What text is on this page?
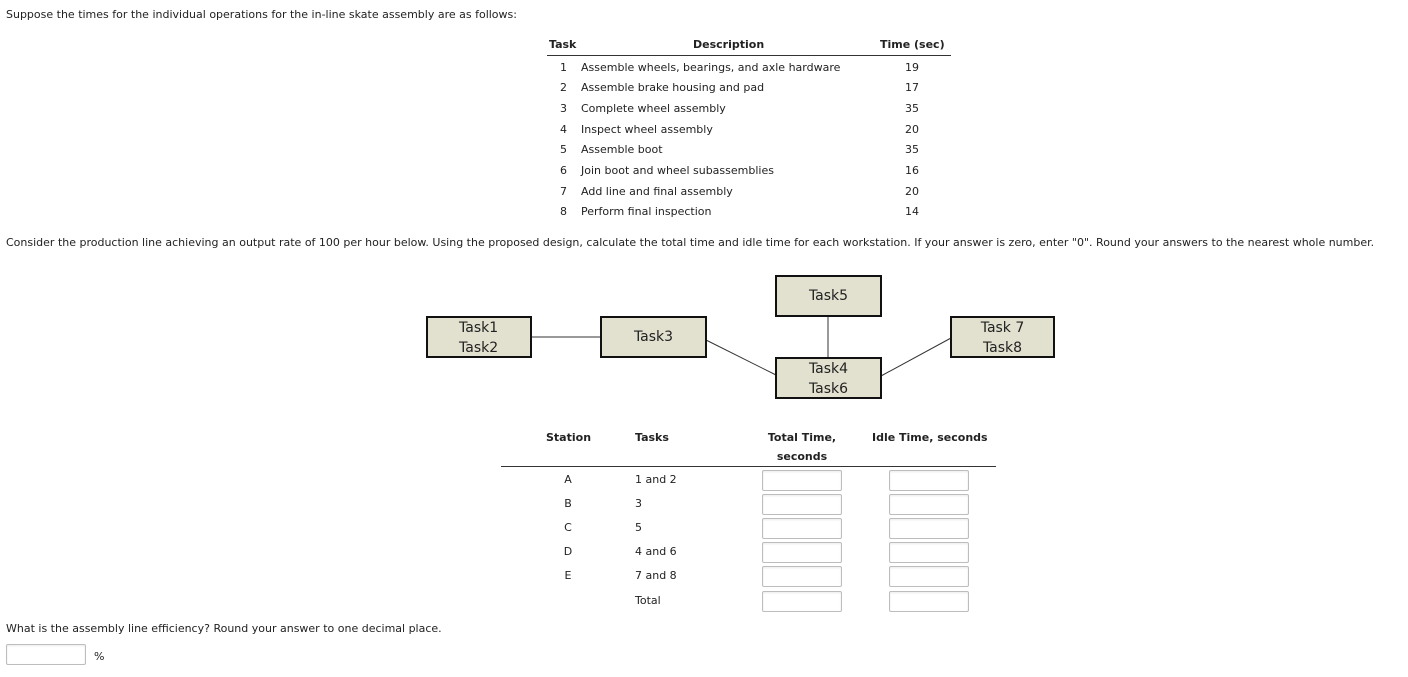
Suppose the times for the individual operations for the in-line skate assembly are as follows:
Task	Description	Time (sec)
1 Assemble wheels, bearings, and axle hardware	19
2 Assemble brake housing and pad	17
3 Complete wheel assembly	35
4 Inspect wheel assembly	20
5 Assemble boot	35
6 Join boot and wheel subassemblies	16
7 Add line and final assembly	20
8 Perform final inspection	14
Consider the production line achieving an output rate of 100 per hour below. Using the proposed design, calculate the total time and idle time for each workstation. If your answer is zero, enter "0". Round your answers to the nearest whole number.
Task1
Task2
Task3
Task5
Task4
Task6
Task 7
Task8
Station	Tasks	Total Time,
seconds
Idle Time, seconds
A	1 and 2
B	3
C	5
D	4 and 6
E	7 and 8
Total
What is the assembly line efficiency? Round your answer to one decimal place.
%
